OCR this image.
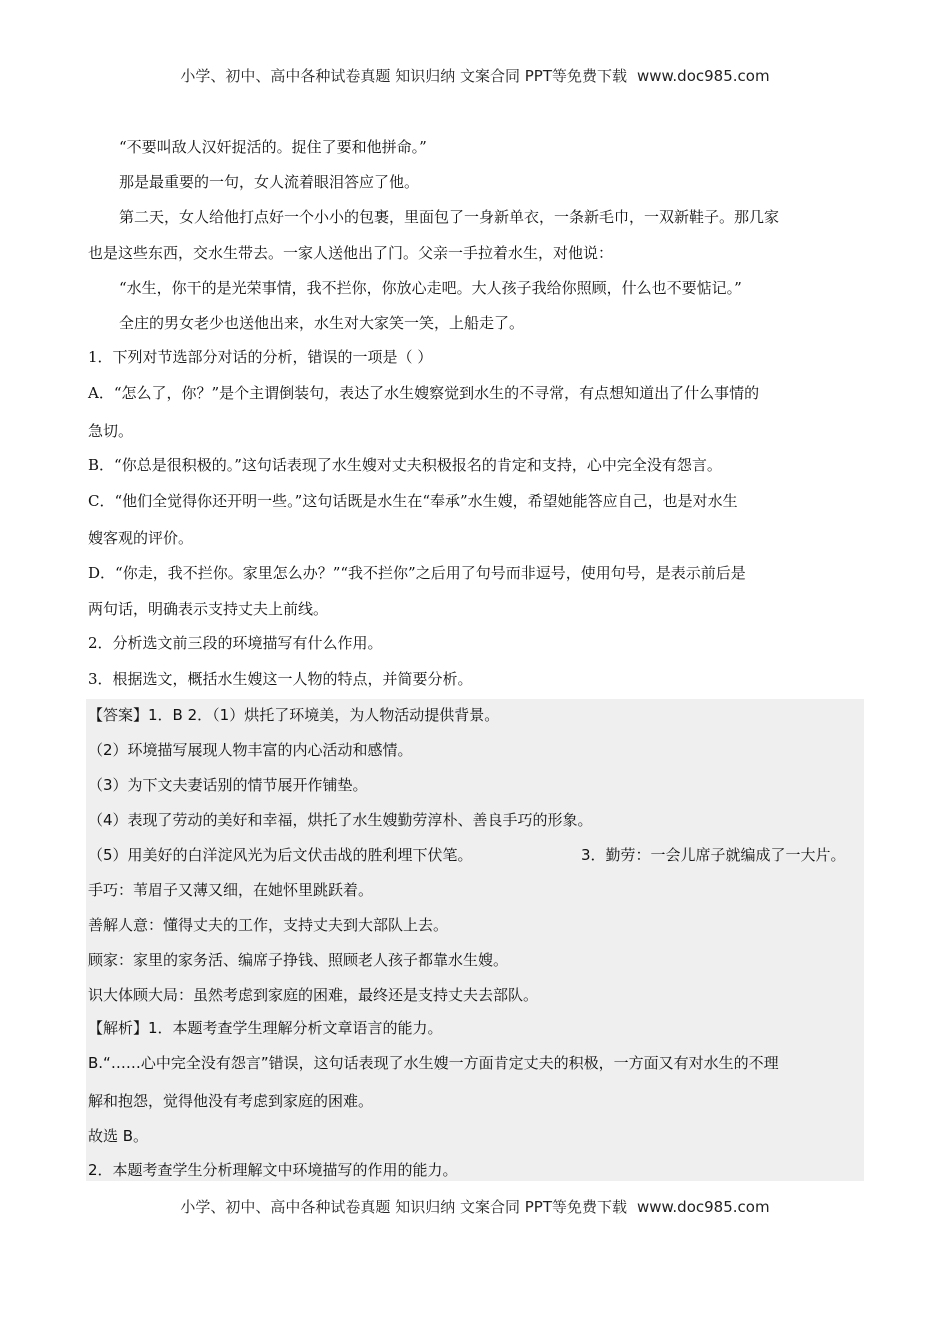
小学、初中、高中各种试卷真题 知识归纳 文案合同 PPT等免费下载 www.doc985.com
“不要叫敌人汉奸捉活的。捉住了要和他拼命。”
那是最重要的一句，女人流着眼泪答应了他。
第二天，女人给他打点好一个小小的包裹，里面包了一身新单衣，一条新毛巾，一双新鞋子。那几家
也是这些东西，交水生带去。一家人送他出了门。父亲一手拉着水生，对他说：
“水生，你干的是光荣事情，我不拦你，你放心走吧。大人孩子我给你照顾，什么也不要惦记。”
全庄的男女老少也送他出来，水生对大家笑一笑，上船走了。
1．下列对节选部分对话的分析，错误的一项是（ ）
A．“怎么了，你？”是个主谓倒装句，表达了水生嫂察觉到水生的不寻常，有点想知道出了什么事情的
急切。
B．“你总是很积极的。”这句话表现了水生嫂对丈夫积极报名的肯定和支持，心中完全没有怨言。
C．“他们全觉得你还开明一些。”这句话既是水生在“奉承”水生嫂，希望她能答应自己，也是对水生
嫂客观的评价。
D．“你走，我不拦你。家里怎么办？”“我不拦你”之后用了句号而非逗号，使用句号，是表示前后是
两句话，明确表示支持丈夫上前线。
2．分析选文前三段的环境描写有什么作用。
3．根据选文，概括水生嫂这一人物的特点，并简要分析。
【答案】1．B 2．（1）烘托了环境美，为人物活动提供背景。
（2）环境描写展现人物丰富的内心活动和感情。
（3）为下文夫妻话别的情节展开作铺垫。
（4）表现了劳动的美好和幸福，烘托了水生嫂勤劳淳朴、善良手巧的形象。
（5）用美好的白洋淀风光为后文伏击战的胜利埋下伏笔。	3．勤劳：一会儿席子就编成了一大片。
手巧：苇眉子又薄又细，在她怀里跳跃着。
善解人意：懂得丈夫的工作，支持丈夫到大部队上去。
顾家：家里的家务活、编席子挣钱、照顾老人孩子都靠水生嫂。
识大体顾大局：虽然考虑到家庭的困难，最终还是支持丈夫去部队。
【解析】1．本题考查学生理解分析文章语言的能力。
B.“……心中完全没有怨言”错误，这句话表现了水生嫂一方面肯定丈夫的积极，一方面又有对水生的不理
解和抱怨，觉得他没有考虑到家庭的困难。
故选 B。
2．本题考查学生分析理解文中环境描写的作用的能力。
小学、初中、高中各种试卷真题 知识归纳 文案合同 PPT等免费下载 www.doc985.com
